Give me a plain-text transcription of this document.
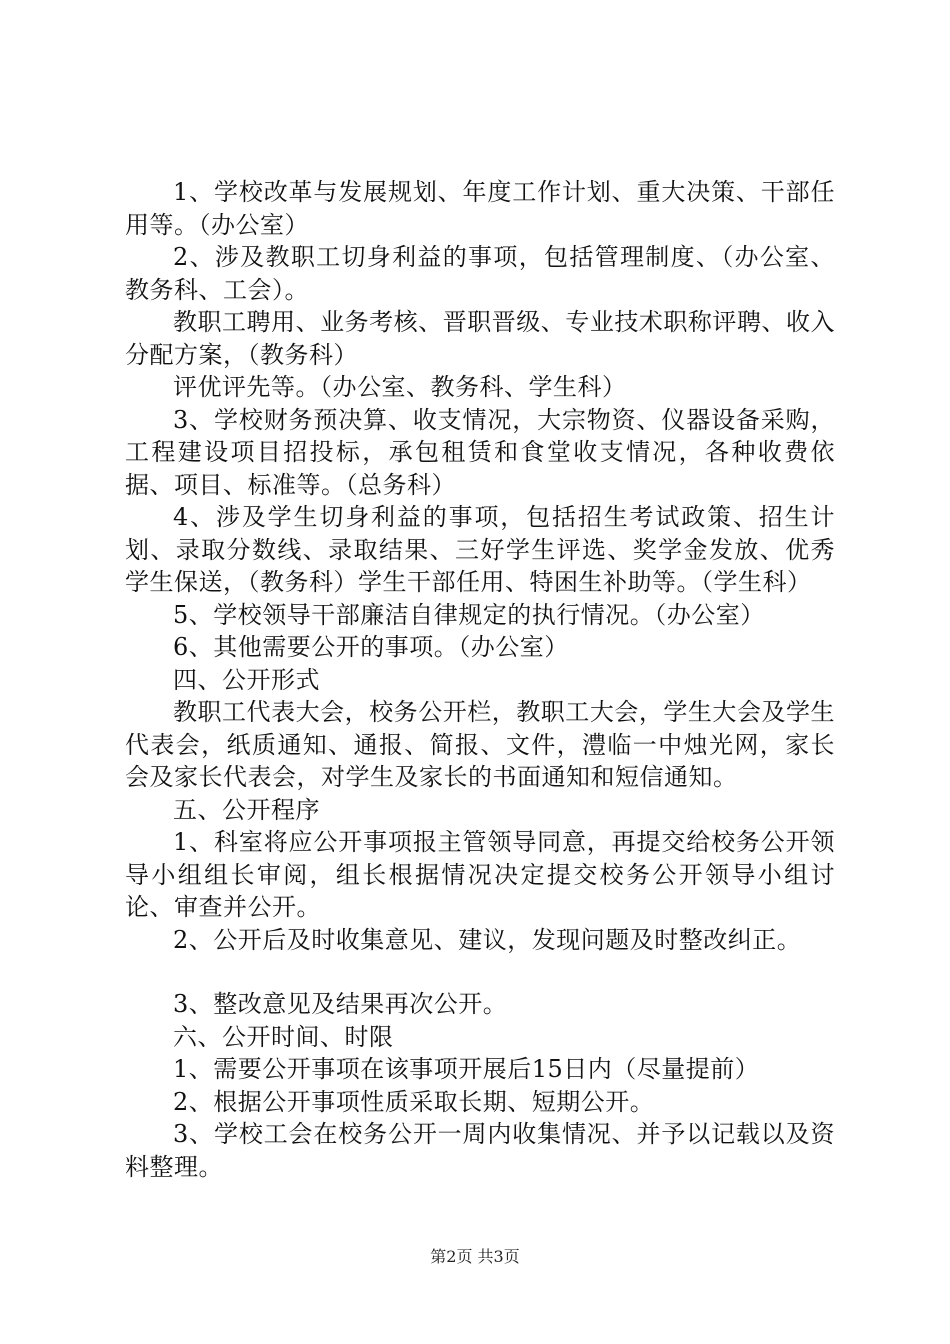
1、学校改革与发展规划、年度工作计划、重大决策、干部任用等。（办公室）

2、涉及教职工切身利益的事项，包括管理制度、（办公室、教务科、工会）。

教职工聘用、业务考核、晋职晋级、专业技术职称评聘、收入分配方案，（教务科）

评优评先等。（办公室、教务科、学生科）

3、学校财务预决算、收支情况，大宗物资、仪器设备采购，工程建设项目招投标，承包租赁和食堂收支情况，各种收费依据、项目、标准等。（总务科）

4、涉及学生切身利益的事项，包括招生考试政策、招生计划、录取分数线、录取结果、三好学生评选、奖学金发放、优秀学生保送，（教务科）学生干部任用、特困生补助等。（学生科）

5、学校领导干部廉洁自律规定的执行情况。（办公室）

6、其他需要公开的事项。（办公室）

四、公开形式

教职工代表大会，校务公开栏，教职工大会，学生大会及学生代表会，纸质通知、通报、简报、文件，澧临一中烛光网，家长会及家长代表会，对学生及家长的书面通知和短信通知。

五、公开程序

1、科室将应公开事项报主管领导同意，再提交给校务公开领导小组组长审阅，组长根据情况决定提交校务公开领导小组讨论、审查并公开。

2、公开后及时收集意见、建议，发现问题及时整改纠正。

3、整改意见及结果再次公开。

六、公开时间、时限

1、需要公开事项在该事项开展后15日内（尽量提前）

2、根据公开事项性质采取长期、短期公开。

3、学校工会在校务公开一周内收集情况、并予以记载以及资料整理。

第2页 共3页
